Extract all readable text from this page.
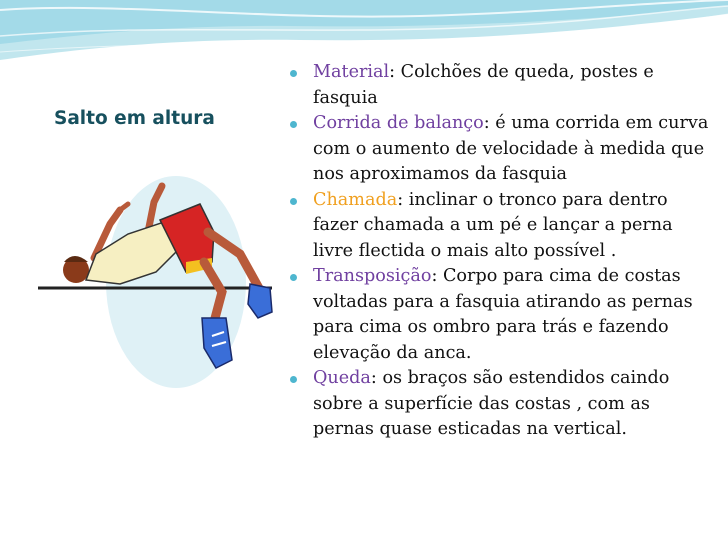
Salto em altura
Material: Colchões de queda, postes e fasquia
Corrida de balanço: é uma corrida em curva com o aumento de velocidade à medida que nos aproximamos da fasquia
Chamada: inclinar o tronco para dentro fazer chamada a um pé e lançar a perna livre flectida o mais alto possível .
Transposição: Corpo para cima de costas voltadas para a fasquia atirando as pernas para cima os ombro para trás e fazendo elevação da anca.
Queda: os braços são estendidos caindo sobre a superfície das costas , com as pernas quase esticadas na vertical.
